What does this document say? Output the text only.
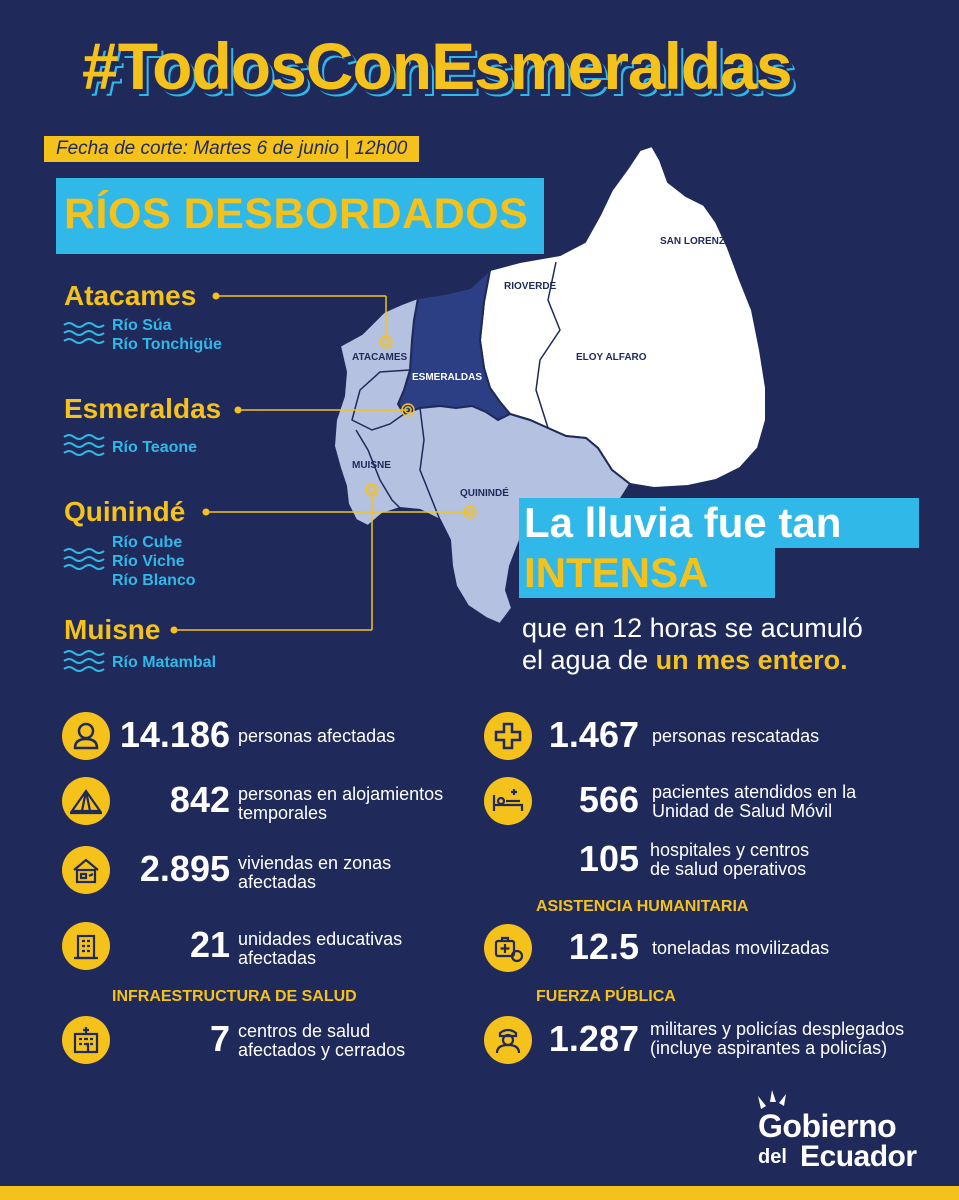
#TodosConEsmeraldas
Fecha de corte: Martes 6 de junio | 12h00
RÍOS DESBORDADOS
SAN LORENZO
RIOVERDE
ELOY ALFARO
ATACAMES
ESMERALDAS
MUISNE
QUININDÉ
Atacames
Río Súa
Río Tonchigüe
Esmeraldas
Río Teaone
Quinindé
Río Cube
Río Viche
Río Blanco
Muisne
Río Matambal
La lluvia fue tan
INTENSA
que en 12 horas se acumuló
el agua de un mes entero.
14.186 personas afectadas
842 personas en alojamientos
temporales
2.895 viviendas en zonas
afectadas
21 unidades educativas
afectadas
INFRAESTRUCTURA DE SALUD
7 centros de salud
afectados y cerrados
1.467 personas rescatadas
566 pacientes atendidos en la
Unidad de Salud Móvil
105 hospitales y centros
de salud operativos
ASISTENCIA HUMANITARIA
12.5 toneladas movilizadas
FUERZA PÚBLICA
1.287 militares y policías desplegados
(incluye aspirantes a policías)
Gobierno
del Ecuador
